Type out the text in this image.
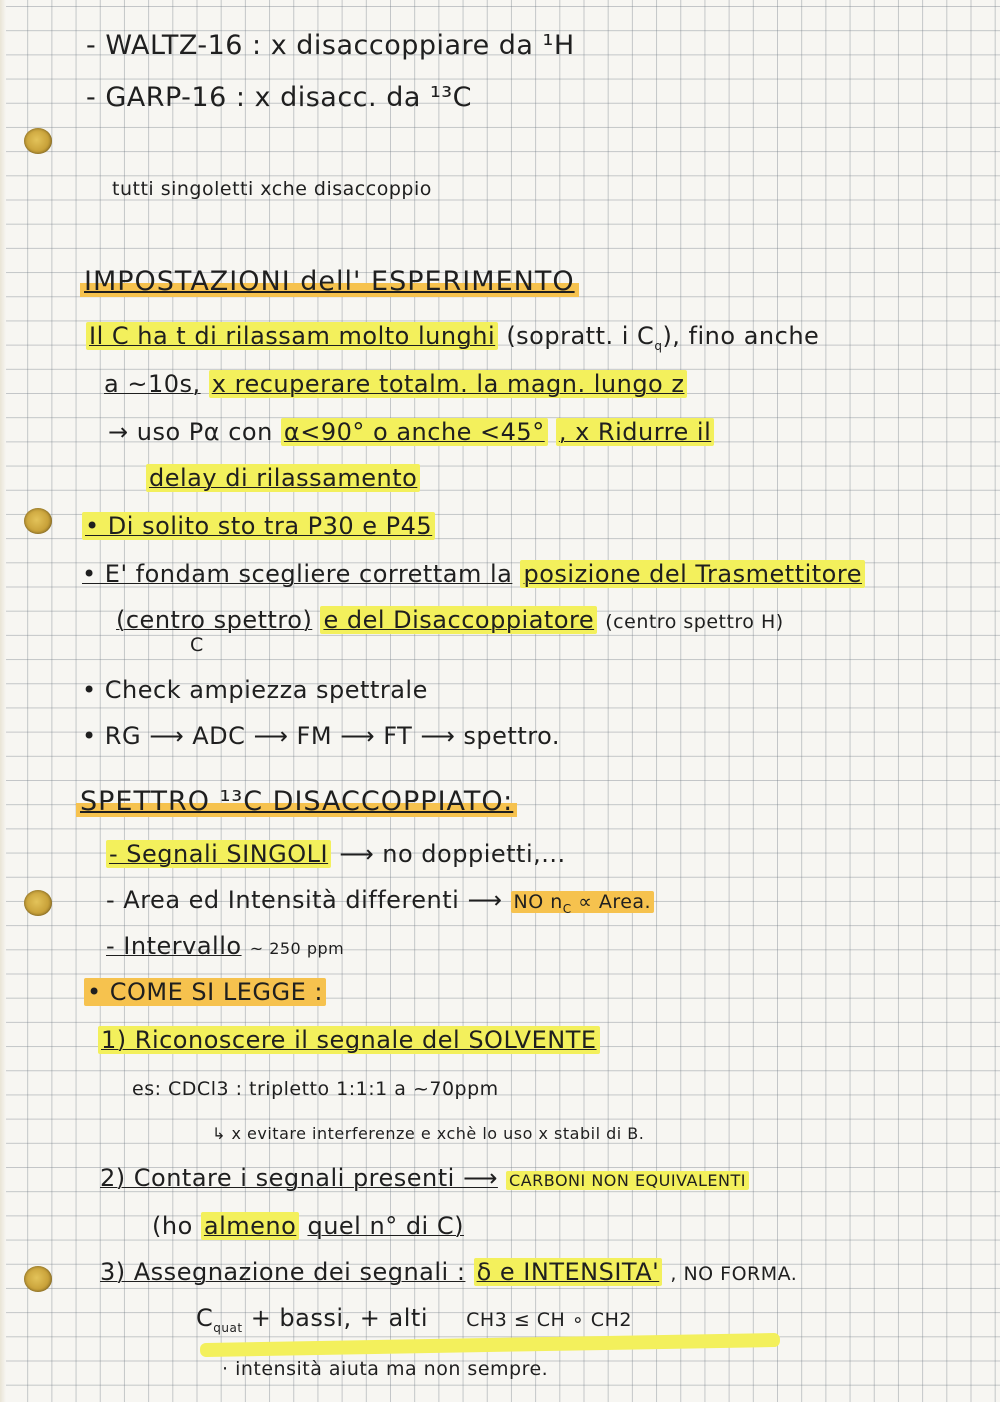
- WALTZ-16 : x disaccoppiare da ¹H
- GARP-16 : x disacc. da ¹³C
tutti singoletti xche disaccoppio
IMPOSTAZIONI dell' ESPERIMENTO
Il C ha t di rilassam molto lunghi (sopratt. i $C_q$), fino anche
a ~10s, x recuperare totalm. la magn. lungo z
→ uso Pα con α<90° o anche <45° , x Ridurre il
delay di rilassamento
• Di solito sto tra P30 e P45
• E' fondam scegliere correttam la posizione del Trasmettitore
(centro spettro) e del Disaccoppiatore (centro spettro H)
C
• Check ampiezza spettrale
• RG ⟶ ADC ⟶ FM ⟶ FT ⟶ spettro.
SPETTRO ¹³C DISACCOPPIATO:
- Segnali SINGOLI ⟶ no doppietti,...
- Area ed Intensità differenti ⟶ NO $n_C$ ∝ Area.
- Intervallo ~ 250 ppm
• COME SI LEGGE :
1) Riconoscere il segnale del SOLVENTE
es: CDCl3 : tripletto 1:1:1 a ~70ppm
↳ x evitare interferenze e xchè lo uso x stabil di B.
2) Contare i segnali presenti ⟶ CARBONI NON EQUIVALENTI
(ho almeno quel n° di C)
3) Assegnazione dei segnali : δ e INTENSITA' , NO FORMA.
$C_{quat}$ + bassi, + alti CH3 ≤ CH ∘ CH2
· intensità aiuta ma non sempre.
